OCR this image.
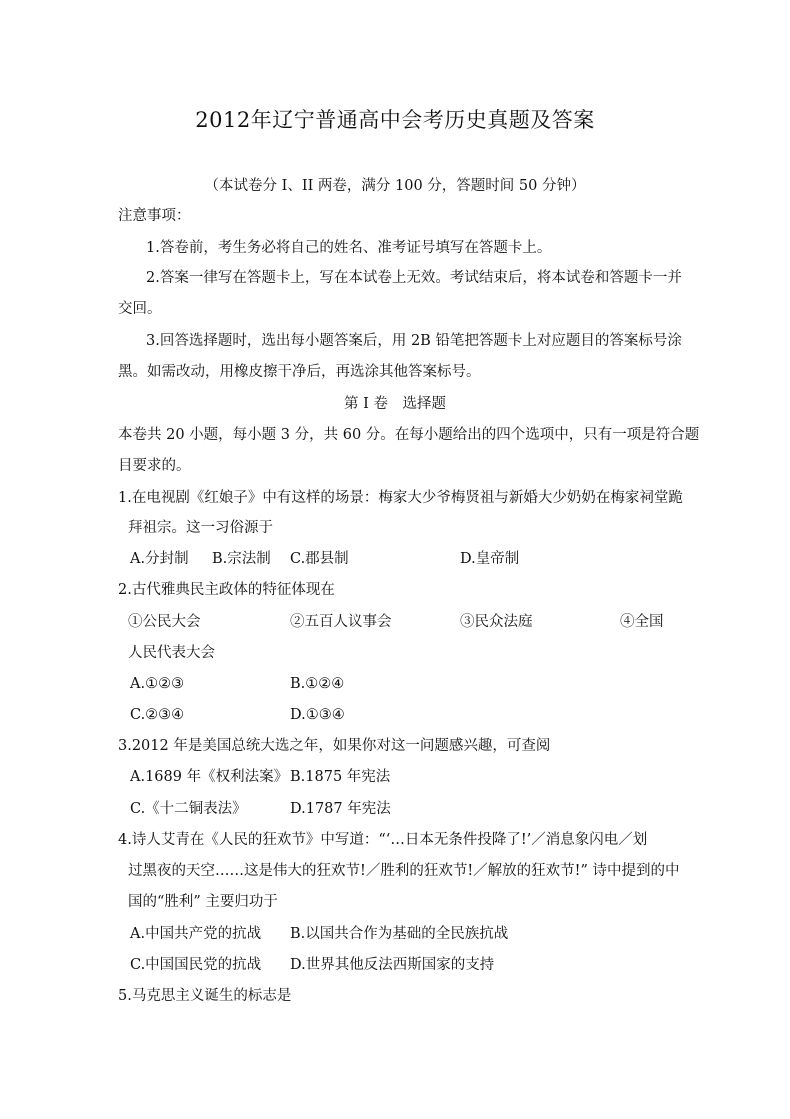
2012年辽宁普通高中会考历史真题及答案
（本试卷分 I、II 两卷，满分 100 分，答题时间 50 分钟）
注意事项：
1.答卷前，考生务必将自己的姓名、准考证号填写在答题卡上。
2.答案一律写在答题卡上，写在本试卷上无效。考试结束后，将本试卷和答题卡一并
交回。
3.回答选择题时，选出每小题答案后，用 2B 铅笔把答题卡上对应题目的答案标号涂
黑。如需改动，用橡皮擦干净后，再选涂其他答案标号。
第 I 卷　选择题
本卷共 20 小题，每小题 3 分，共 60 分。在每小题给出的四个选项中，只有一项是符合题
目要求的。
1.在电视剧《红娘子》中有这样的场景：梅家大少爷梅贤祖与新婚大少奶奶在梅家祠堂跪
拜祖宗。这一习俗源于
A.分封制 B.宗法制 C.郡县制	D.皇帝制
2.古代雅典民主政体的特征体现在
①公民大会	②五百人议事会	③民众法庭	④全国
人民代表大会
A.①②③	B.①②④
C.②③④	D.①③④
3.2012 年是美国总统大选之年，如果你对这一问题感兴趣，可查阅
A.1689 年《权利法案》 B.1875 年宪法
C.《十二铜表法》	D.1787 年宪法
4.诗人艾青在《人民的狂欢节》中写道：“‘…日本无条件投降了!’／消息象闪电／划
过黑夜的天空……这是伟大的狂欢节!／胜利的狂欢节!／解放的狂欢节!” 诗中提到的中
国的“胜利” 主要归功于
A.中国共产党的抗战 B.以国共合作为基础的全民族抗战
C.中国国民党的抗战 D.世界其他反法西斯国家的支持
5.马克思主义诞生的标志是
